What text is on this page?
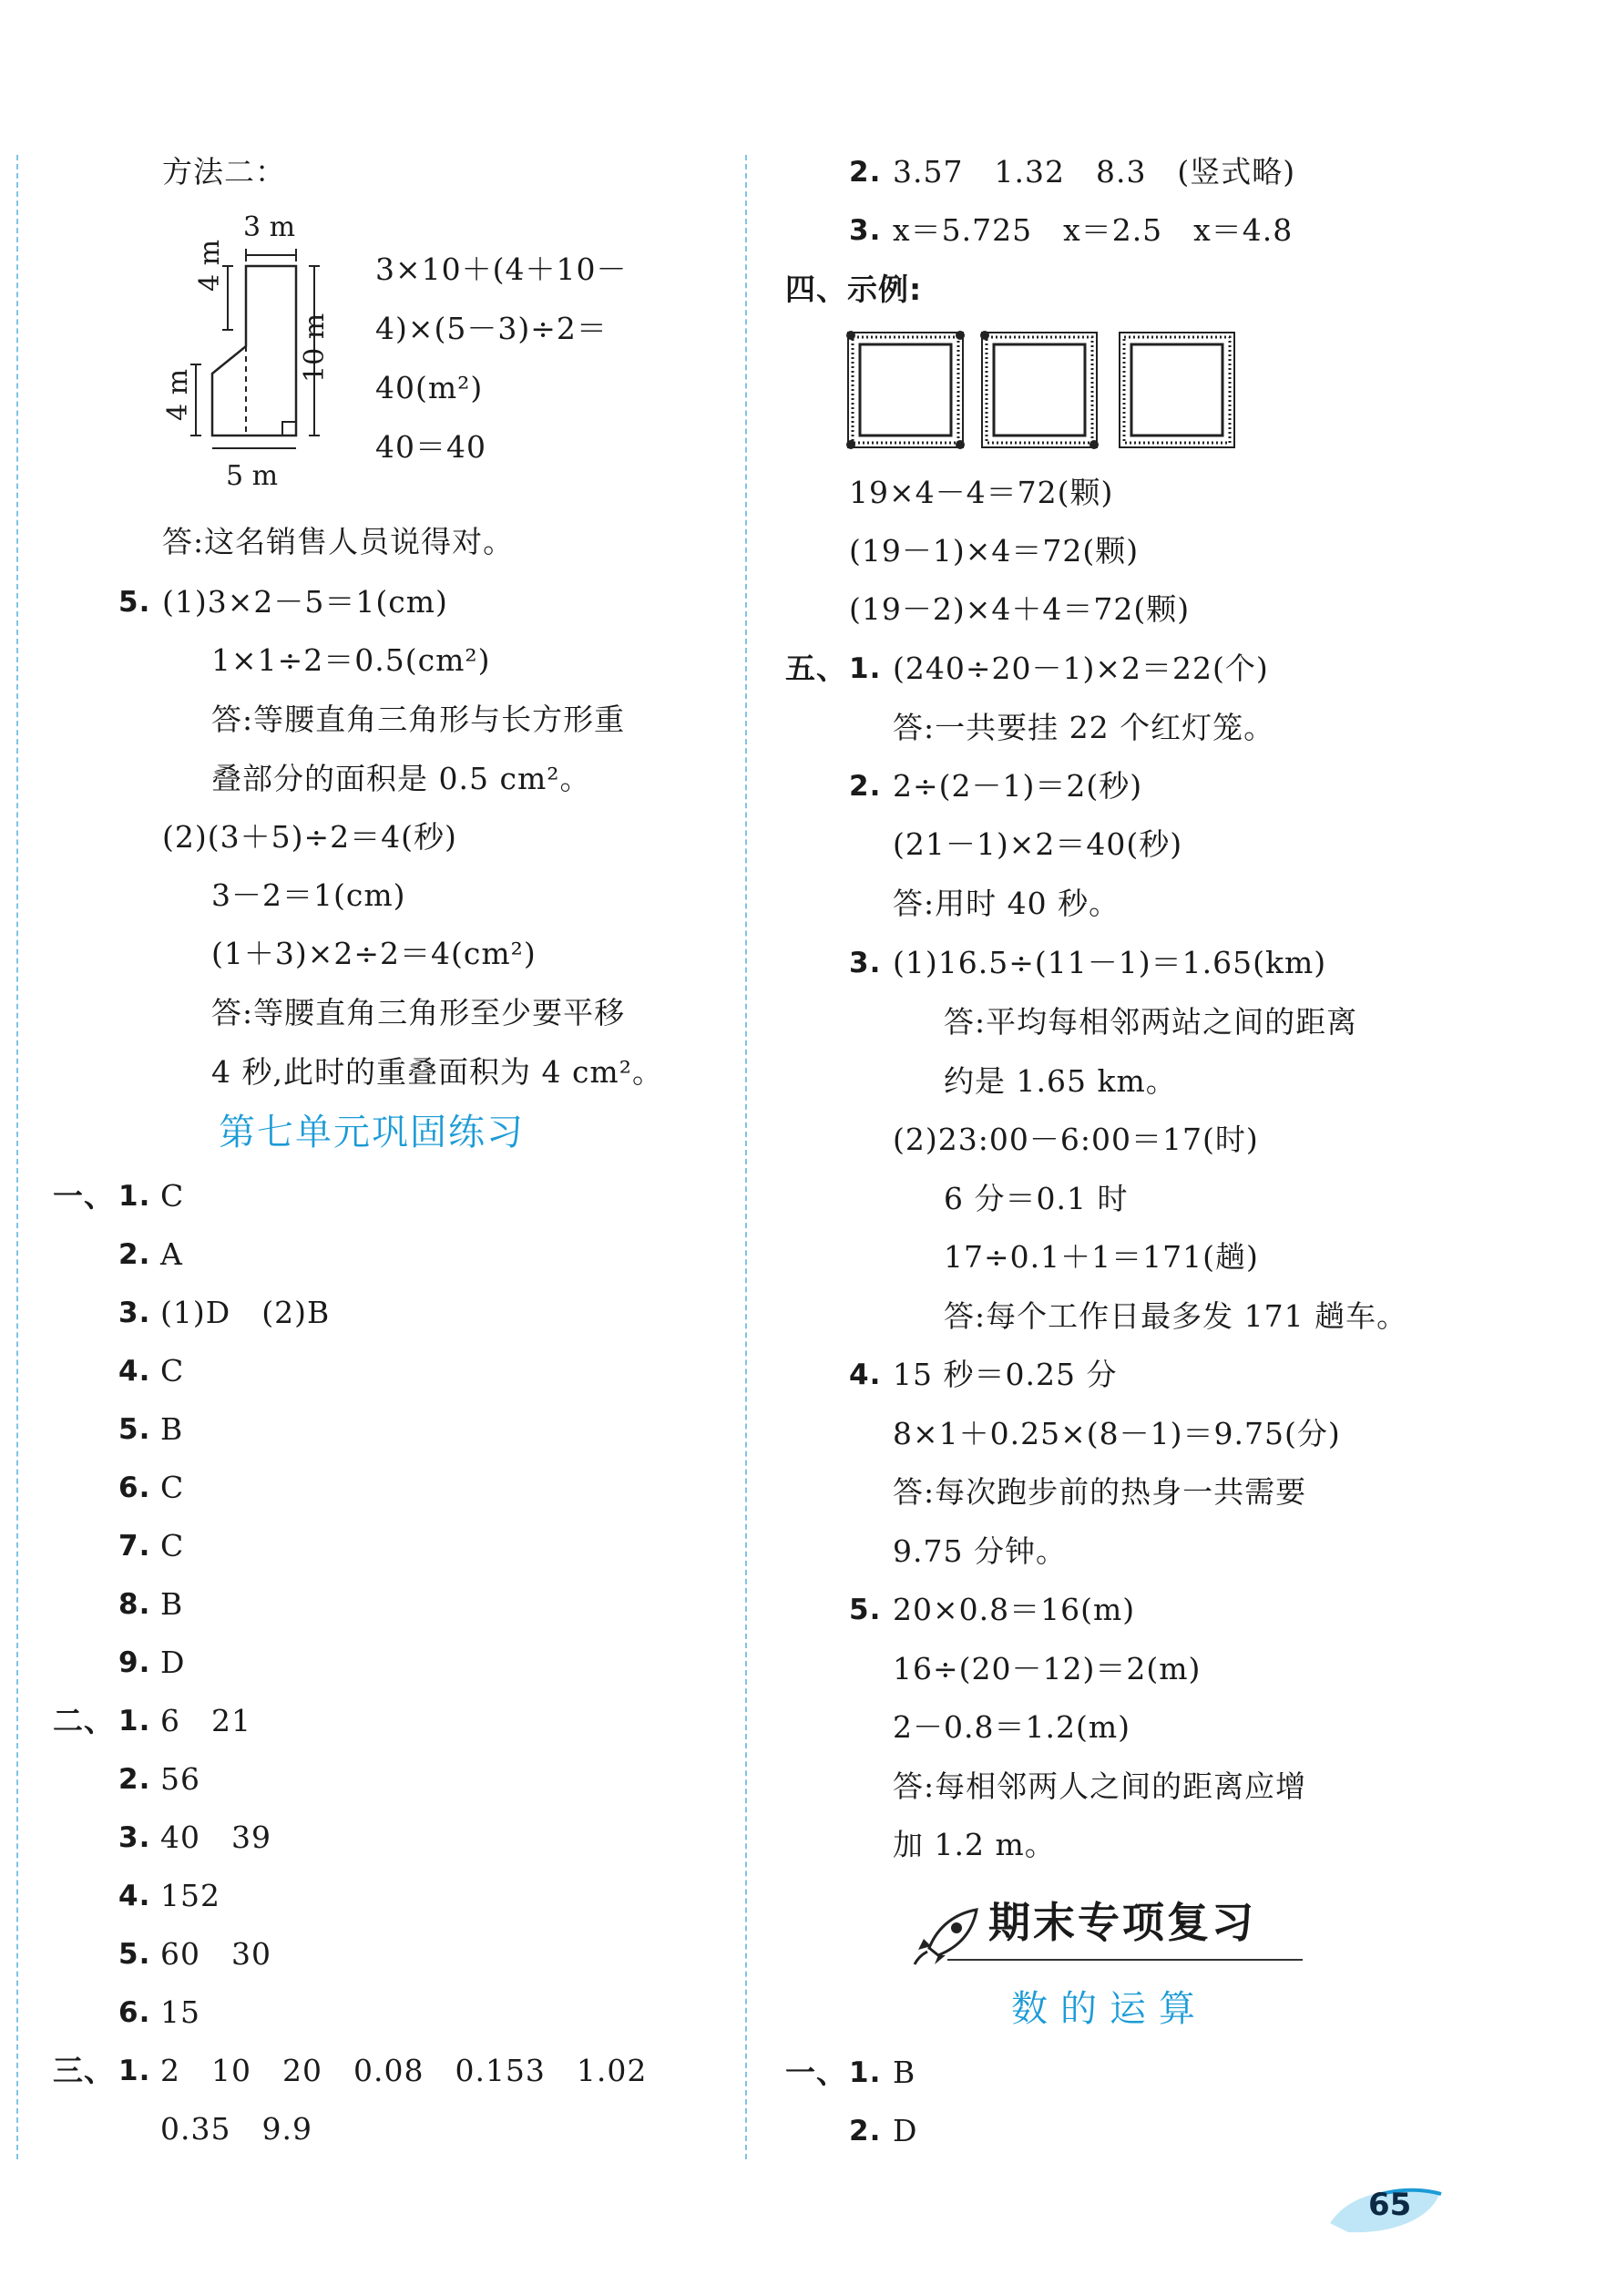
方法二：
3 m
4 m
4 m
10 m
5 m
3×10＋(4＋10－
4)×(5－3)÷2＝
40(m²)
40＝40
答:这名销售人员说得对。
5. (1)3×2－5＝1(cm)
1×1÷2＝0.5(cm²)
答:等腰直角三角形与长方形重
叠部分的面积是 0.5 cm²。
(2)(3＋5)÷2＝4(秒)
3－2＝1(cm)
(1＋3)×2÷2＝4(cm²)
答:等腰直角三角形至少要平移
4 秒,此时的重叠面积为 4 cm²。
第七单元巩固练习
一、 1. C
2. A
3. (1)D　(2)B
4. C
5. B
6. C
7. C
8. B
9. D
二、 1. 6　21
2. 56
3. 40　39
4. 152
5. 60　30
6. 15
三、 1. 2　10　20　0.08　0.153　1.02
0.35　9.9
2. 3.57　1.32　8.3　(竖式略)
3. x＝5.725　x＝2.5　x＝4.8
四、示例:
19×4－4＝72(颗)
(19－1)×4＝72(颗)
(19－2)×4＋4＝72(颗)
五、 1. (240÷20－1)×2＝22(个)
答:一共要挂 22 个红灯笼。
2. 2÷(2－1)＝2(秒)
(21－1)×2＝40(秒)
答:用时 40 秒。
3. (1)16.5÷(11－1)＝1.65(km)
答:平均每相邻两站之间的距离
约是 1.65 km。
(2)23:00－6:00＝17(时)
6 分＝0.1 时
17÷0.1＋1＝171(趟)
答:每个工作日最多发 171 趟车。
4. 15 秒＝0.25 分
8×1＋0.25×(8－1)＝9.75(分)
答:每次跑步前的热身一共需要
9.75 分钟。
5. 20×0.8＝16(m)
16÷(20－12)＝2(m)
2－0.8＝1.2(m)
答:每相邻两人之间的距离应增
加 1.2 m。
期末专项复习
数的运算
一、 1. B
2. D
65
